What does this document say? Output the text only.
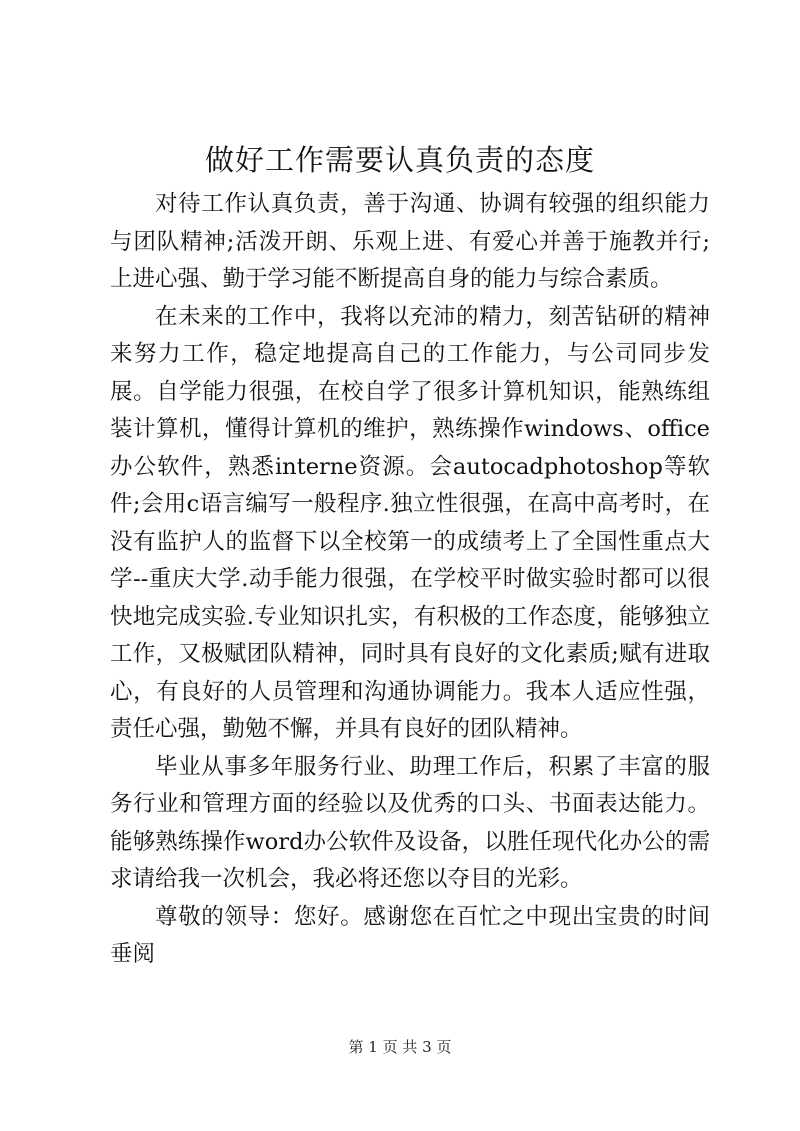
做好工作需要认真负责的态度

对待工作认真负责，善于沟通、协调有较强的组织能力与团队精神;活泼开朗、乐观上进、有爱心并善于施教并行;上进心强、勤于学习能不断提高自身的能力与综合素质。

在未来的工作中，我将以充沛的精力，刻苦钻研的精神来努力工作，稳定地提高自己的工作能力，与公司同步发展。自学能力很强，在校自学了很多计算机知识，能熟练组装计算机，懂得计算机的维护，熟练操作windows、office办公软件，熟悉interne资源。会autocadphotoshop等软件;会用c语言编写一般程序.独立性很强，在高中高考时，在没有监护人的监督下以全校第一的成绩考上了全国性重点大学--重庆大学.动手能力很强，在学校平时做实验时都可以很快地完成实验.专业知识扎实，有积极的工作态度，能够独立工作，又极赋团队精神，同时具有良好的文化素质;赋有进取心，有良好的人员管理和沟通协调能力。我本人适应性强，责任心强，勤勉不懈，并具有良好的团队精神。

毕业从事多年服务行业、助理工作后，积累了丰富的服务行业和管理方面的经验以及优秀的口头、书面表达能力。能够熟练操作word办公软件及设备，以胜任现代化办公的需求请给我一次机会，我必将还您以夺目的光彩。

尊敬的领导：您好。感谢您在百忙之中现出宝贵的时间垂阅

第 1 页 共 3 页
